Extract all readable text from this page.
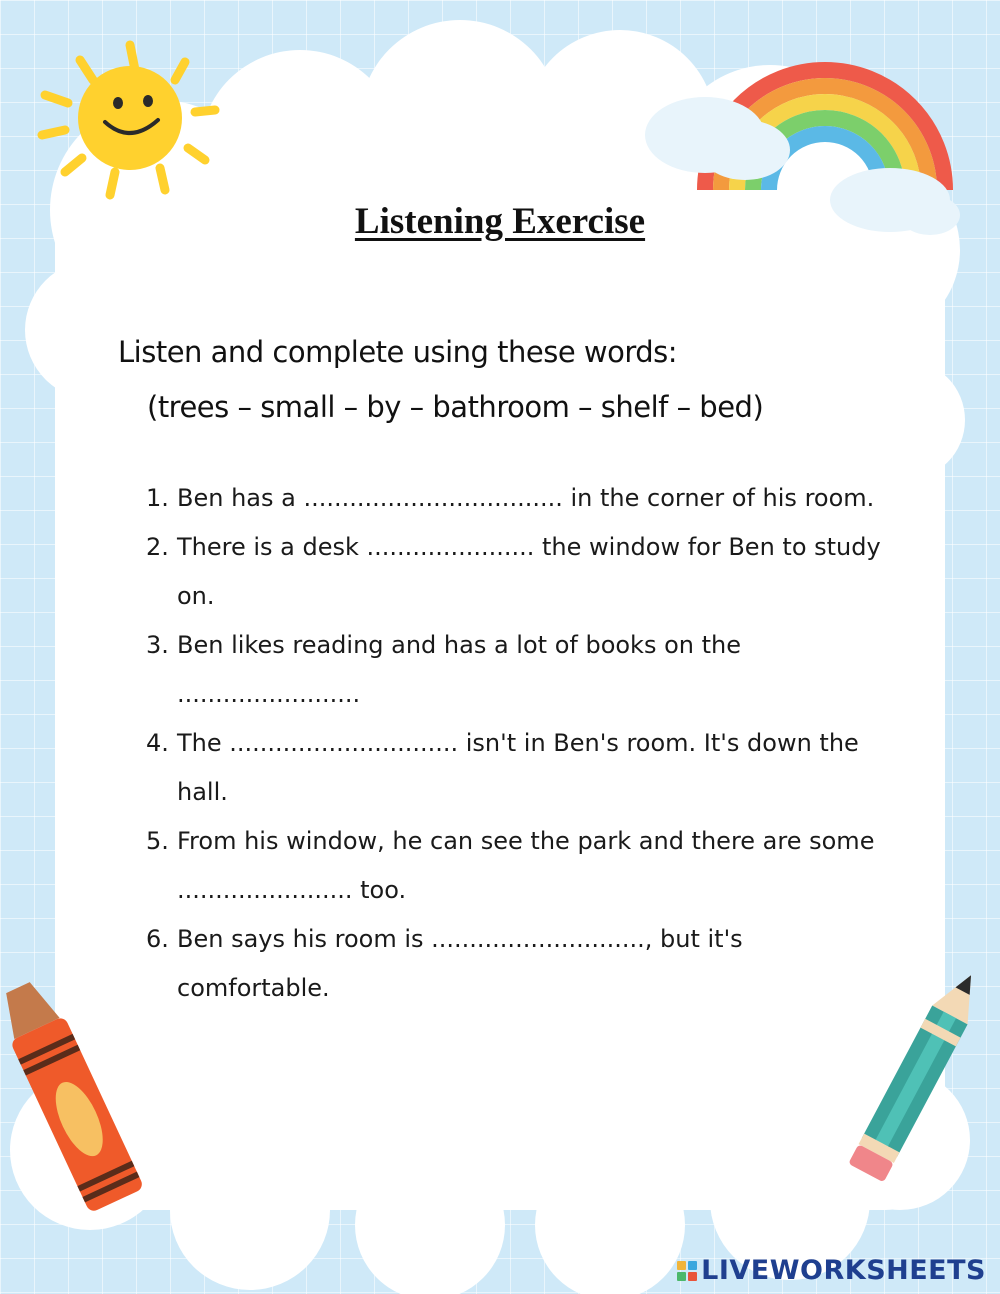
Listening Exercise
Listen and complete using these words:
(trees – small – by – bathroom – shelf – bed)
1. Ben has a .................................. in the corner of his room.
2. There is a desk ...................... the window for Ben to study on.
3. Ben likes reading and has a lot of books on the ........................
4. The .............................. isn't in Ben's room. It's down the hall.
5. From his window, he can see the park and there are some ....................... too.
6. Ben says his room is ............................, but it's comfortable.
LIVEWORKSHEETS
